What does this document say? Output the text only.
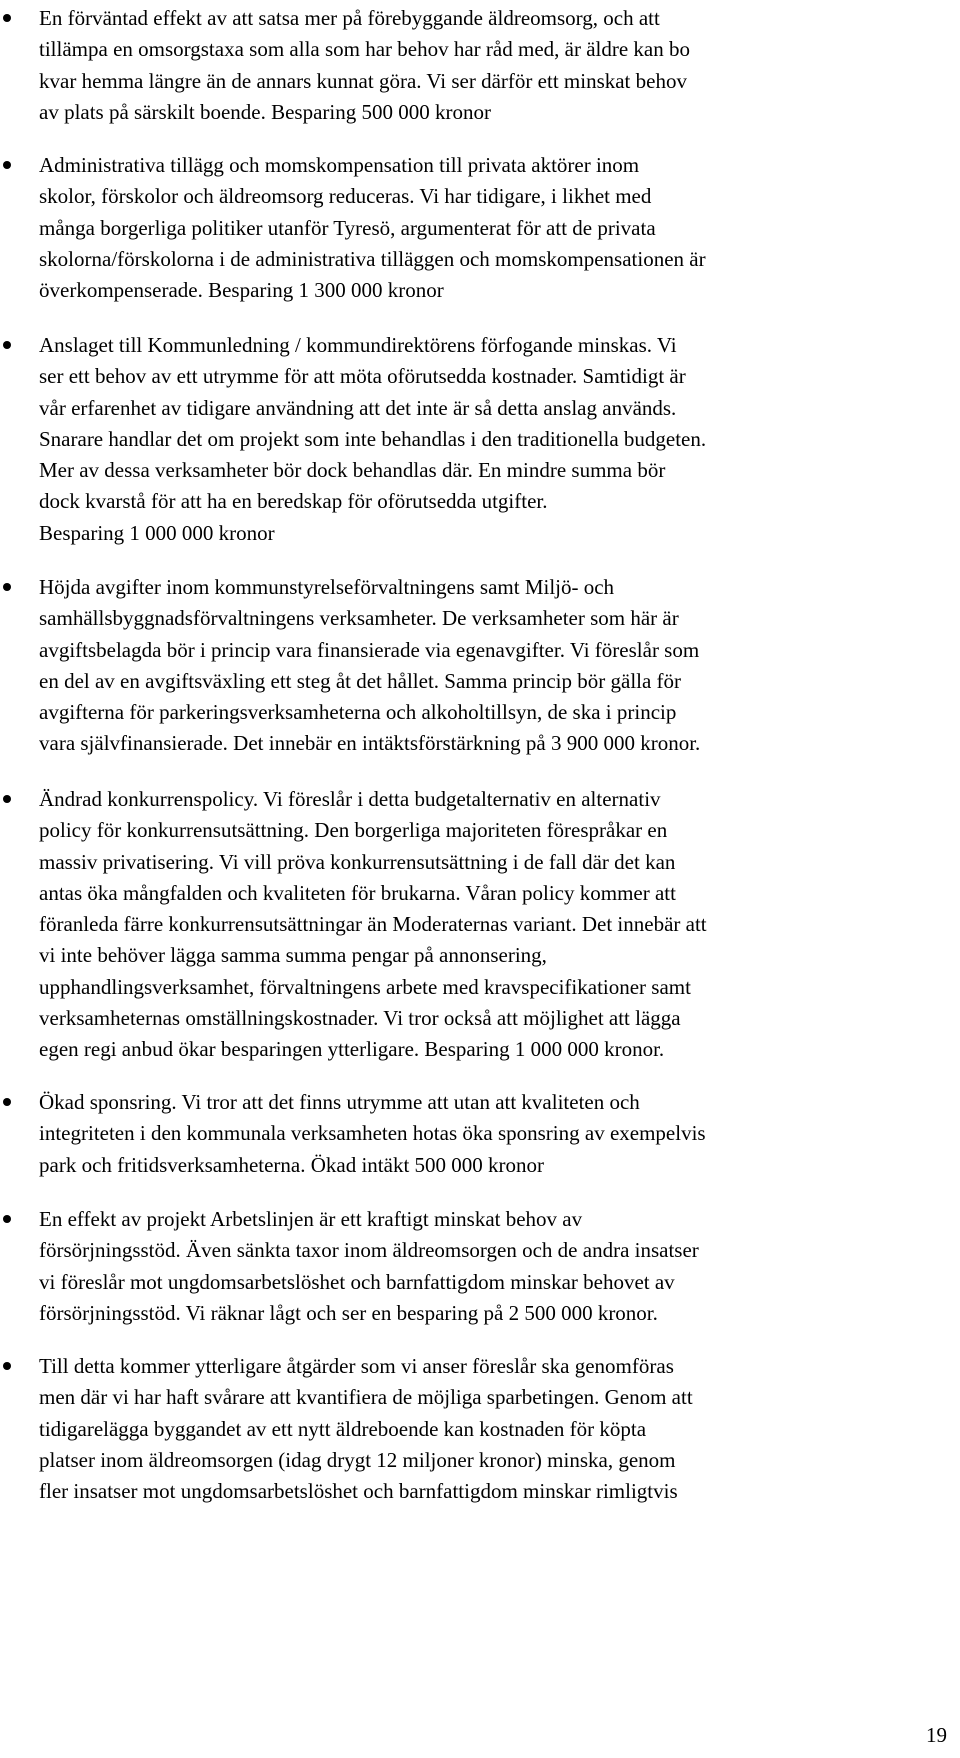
En förväntad effekt av att satsa mer på förebyggande äldreomsorg, och att
tillämpa en omsorgstaxa som alla som har behov har råd med, är äldre kan bo
kvar hemma längre än de annars kunnat göra. Vi ser därför ett minskat behov
av plats på särskilt boende. Besparing 500 000 kronor

Administrativa tillägg och momskompensation till privata aktörer inom
skolor, förskolor och äldreomsorg reduceras. Vi har tidigare, i likhet med
många borgerliga politiker utanför Tyresö, argumenterat för att de privata
skolorna/förskolorna i de administrativa tilläggen och momskompensationen är
överkompenserade. Besparing 1 300 000 kronor

Anslaget till Kommunledning / kommundirektörens förfogande minskas. Vi
ser ett behov av ett utrymme för att möta oförutsedda kostnader. Samtidigt är
vår erfarenhet av tidigare användning att det inte är så detta anslag används.
Snarare handlar det om projekt som inte behandlas i den traditionella budgeten.
Mer av dessa verksamheter bör dock behandlas där. En mindre summa bör
dock kvarstå för att ha en beredskap för oförutsedda utgifter.
Besparing 1 000 000 kronor

Höjda avgifter inom kommunstyrelseförvaltningens samt Miljö- och
samhällsbyggnadsförvaltningens verksamheter. De verksamheter som här är
avgiftsbelagda bör i princip vara finansierade via egenavgifter. Vi föreslår som
en del av en avgiftsväxling ett steg åt det hållet. Samma princip bör gälla för
avgifterna för parkeringsverksamheterna och alkoholtillsyn, de ska i princip
vara självfinansierade. Det innebär en intäktsförstärkning på 3 900 000 kronor.

Ändrad konkurrenspolicy. Vi föreslår i detta budgetalternativ en alternativ
policy för konkurrensutsättning. Den borgerliga majoriteten förespråkar en
massiv privatisering. Vi vill pröva konkurrensutsättning i de fall där det kan
antas öka mångfalden och kvaliteten för brukarna. Våran policy kommer att
föranleda färre konkurrensutsättningar än Moderaternas variant. Det innebär att
vi inte behöver lägga samma summa pengar på annonsering,
upphandlingsverksamhet, förvaltningens arbete med kravspecifikationer samt
verksamheternas omställningskostnader. Vi tror också att möjlighet att lägga
egen regi anbud ökar besparingen ytterligare. Besparing 1 000 000 kronor.

Ökad sponsring. Vi tror att det finns utrymme att utan att kvaliteten och
integriteten i den kommunala verksamheten hotas öka sponsring av exempelvis
park och fritidsverksamheterna. Ökad intäkt 500 000 kronor

En effekt av projekt Arbetslinjen är ett kraftigt minskat behov av
försörjningsstöd. Även sänkta taxor inom äldreomsorgen och de andra insatser
vi föreslår mot ungdomsarbetslöshet och barnfattigdom minskar behovet av
försörjningsstöd. Vi räknar lågt och ser en besparing på 2 500 000 kronor.

Till detta kommer ytterligare åtgärder som vi anser föreslår ska genomföras
men där vi har haft svårare att kvantifiera de möjliga sparbetingen. Genom att
tidigarelägga byggandet av ett nytt äldreboende kan kostnaden för köpta
platser inom äldreomsorgen (idag drygt 12 miljoner kronor) minska, genom
fler insatser mot ungdomsarbetslöshet och barnfattigdom minskar rimligtvis

19
